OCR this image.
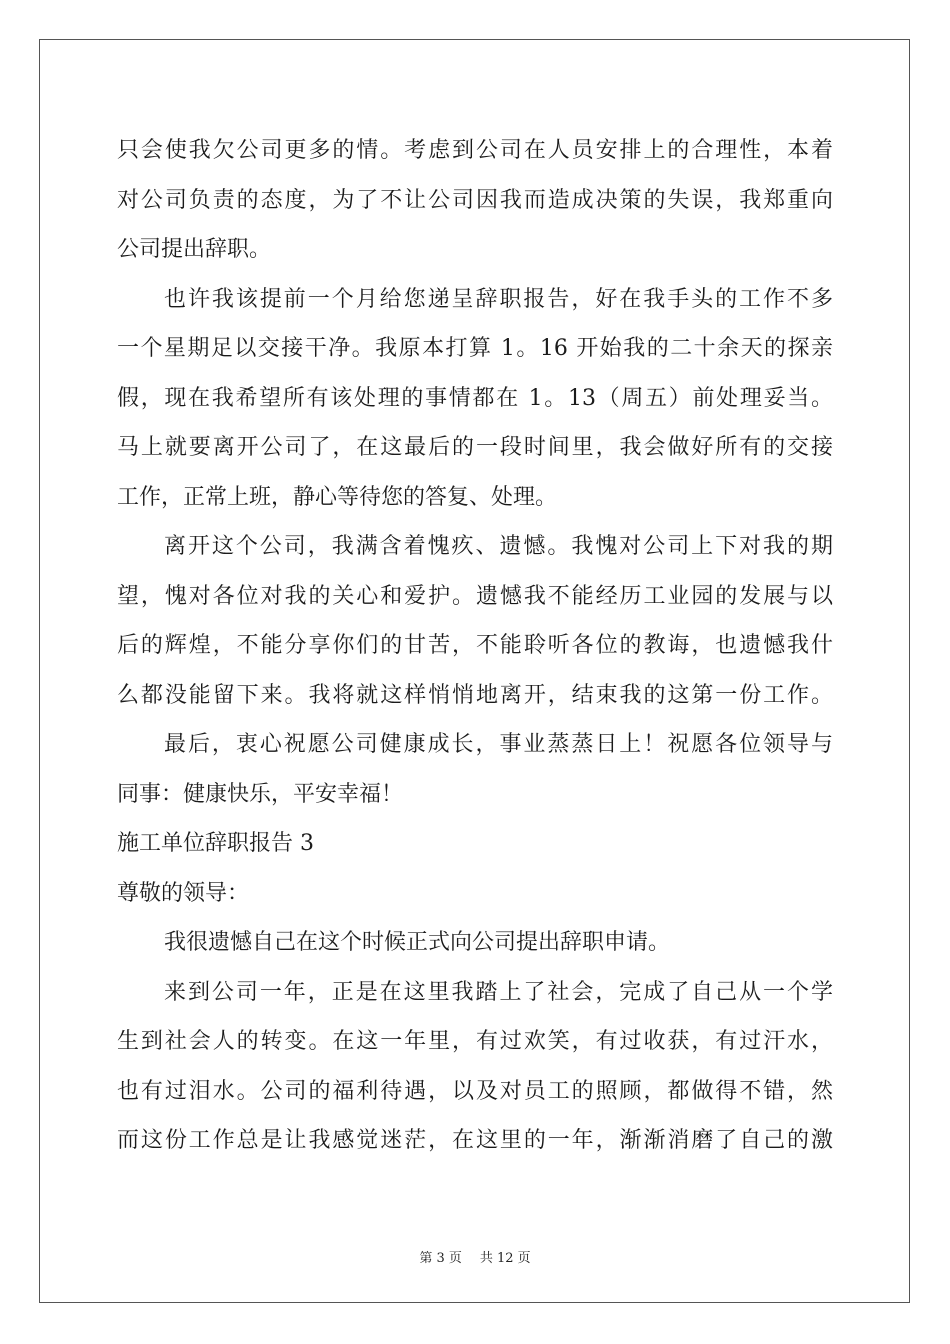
只会使我欠公司更多的情。考虑到公司在人员安排上的合理性，本着
对公司负责的态度，为了不让公司因我而造成决策的失误，我郑重向
公司提出辞职。
也许我该提前一个月给您递呈辞职报告，好在我手头的工作不多
一个星期足以交接干净。我原本打算 1。16 开始我的二十余天的探亲
假，现在我希望所有该处理的事情都在 1。13（周五）前处理妥当。
马上就要离开公司了，在这最后的一段时间里，我会做好所有的交接
工作，正常上班，静心等待您的答复、处理。
离开这个公司，我满含着愧疚、遗憾。我愧对公司上下对我的期
望，愧对各位对我的关心和爱护。遗憾我不能经历工业园的发展与以
后的辉煌，不能分享你们的甘苦，不能聆听各位的教诲，也遗憾我什
么都没能留下来。我将就这样悄悄地离开，结束我的这第一份工作。
最后，衷心祝愿公司健康成长，事业蒸蒸日上！祝愿各位领导与
同事：健康快乐，平安幸福！
施工单位辞职报告 3
尊敬的领导：
我很遗憾自己在这个时候正式向公司提出辞职申请。
来到公司一年，正是在这里我踏上了社会，完成了自己从一个学
生到社会人的转变。在这一年里，有过欢笑，有过收获，有过汗水，
也有过泪水。公司的福利待遇，以及对员工的照顾，都做得不错，然
而这份工作总是让我感觉迷茫，在这里的一年，渐渐消磨了自己的激
第 3 页 共 12 页
